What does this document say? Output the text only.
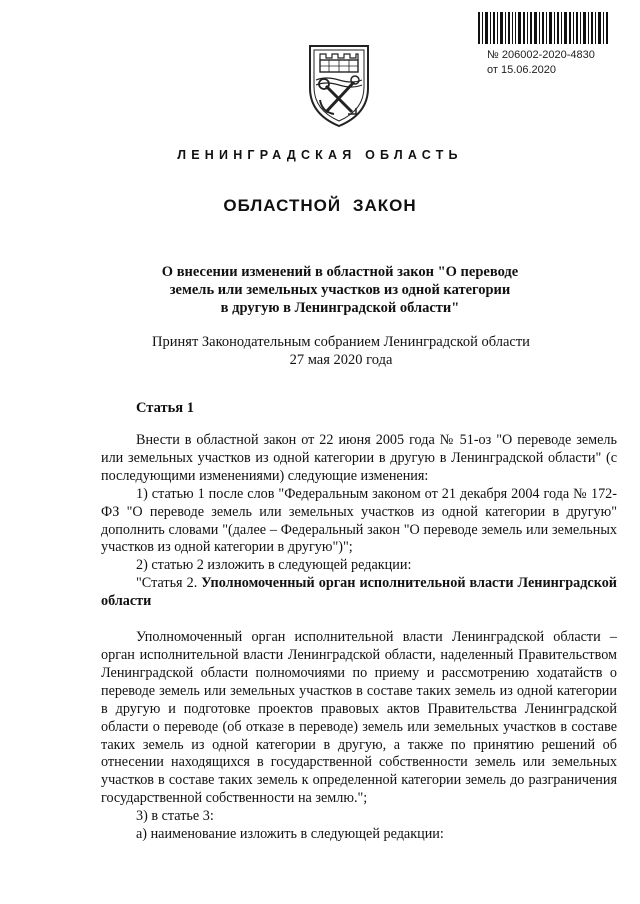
№ 206002-2020-4830
от 15.06.2020
ЛЕНИНГРАДСКАЯ ОБЛАСТЬ
ОБЛАСТНОЙ ЗАКОН
О внесении изменений в областной закон "О переводе
земель или земельных участков из одной категории
в другую в Ленинградской области"
Принят Законодательным собранием Ленинградской области
27 мая 2020 года
Статья 1

Внести в областной закон от 22 июня 2005 года № 51-оз "О переводе земель или земельных участков из одной категории в другую в Ленинградской области" (с последующими изменениями) следующие изменения:

1) статью 1 после слов "Федеральным законом от 21 декабря 2004 года № 172-ФЗ "О переводе земель или земельных участков из одной категории в другую" дополнить словами "(далее – Федеральный закон "О переводе земель или земельных участков из одной категории в другую")";

2) статью 2 изложить в следующей редакции:

"Статья 2. Уполномоченный орган исполнительной власти Ленинградской области

Уполномоченный орган исполнительной власти Ленинградской области – орган исполнительной власти Ленинградской области, наделенный Правительством Ленинградской области полномочиями по приему и рассмотрению ходатайств о переводе земель или земельных участков в составе таких земель из одной категории в другую и подготовке проектов правовых актов Правительства Ленинградской области о переводе (об отказе в переводе) земель или земельных участков в составе таких земель из одной категории в другую, а также по принятию решений об отнесении находящихся в государственной собственности земель или земельных участков в составе таких земель к определенной категории земель до разграничения государственной собственности на землю.";

3) в статье 3:

а) наименование изложить в следующей редакции:
